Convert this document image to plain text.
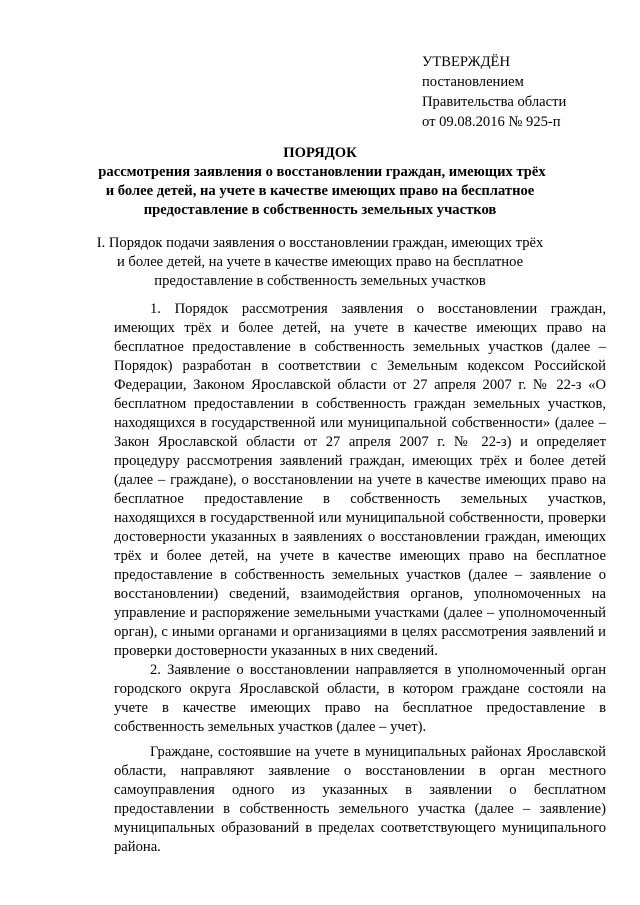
УТВЕРЖДЁН
постановлением
Правительства области
от 09.08.2016 № 925-п
ПОРЯДОК
рассмотрения заявления о восстановлении граждан, имеющих трёх
и более детей, на учете в качестве имеющих право на бесплатное
предоставление в собственность земельных участков
I. Порядок подачи заявления о восстановлении граждан, имеющих трёх
и более детей, на учете в качестве имеющих право на бесплатное
предоставление в собственность земельных участков

1. Порядок рассмотрения заявления о восстановлении граждан, имеющих трёх и более детей, на учете в качестве имеющих право на бесплатное предоставление в собственность земельных участков (далее – Порядок) разработан в соответствии с Земельным кодексом Российской Федерации, Законом Ярославской области от 27 апреля 2007 г. № 22-з «О бесплатном предоставлении в собственность граждан земельных участков, находящихся в государственной или муниципальной собственности» (далее – Закон Ярославской области от 27 апреля 2007 г. № 22-з) и определяет процедуру рассмотрения заявлений граждан, имеющих трёх и более детей (далее – граждане), о восстановлении на учете в качестве имеющих право на бесплатное предоставление в собственность земельных участков, находящихся в государственной или муниципальной собственности, проверки достоверности указанных в заявлениях о восстановлении граждан, имеющих трёх и более детей, на учете в качестве имеющих право на бесплатное предоставление в собственность земельных участков (далее – заявление о восстановлении) сведений, взаимодействия органов, уполномоченных на управление и распоряжение земельными участками (далее – уполномоченный орган), с иными органами и организациями в целях рассмотрения заявлений и проверки достоверности указанных в них сведений.

2. Заявление о восстановлении направляется в уполномоченный орган городского округа Ярославской области, в котором граждане состояли на учете в качестве имеющих право на бесплатное предоставление в собственность земельных участков (далее – учет).

Граждане, состоявшие на учете в муниципальных районах Ярославской области, направляют заявление о восстановлении в орган местного самоуправления одного из указанных в заявлении о бесплатном предоставлении в собственность земельного участка (далее – заявление) муниципальных образований в пределах соответствующего муниципального района.
